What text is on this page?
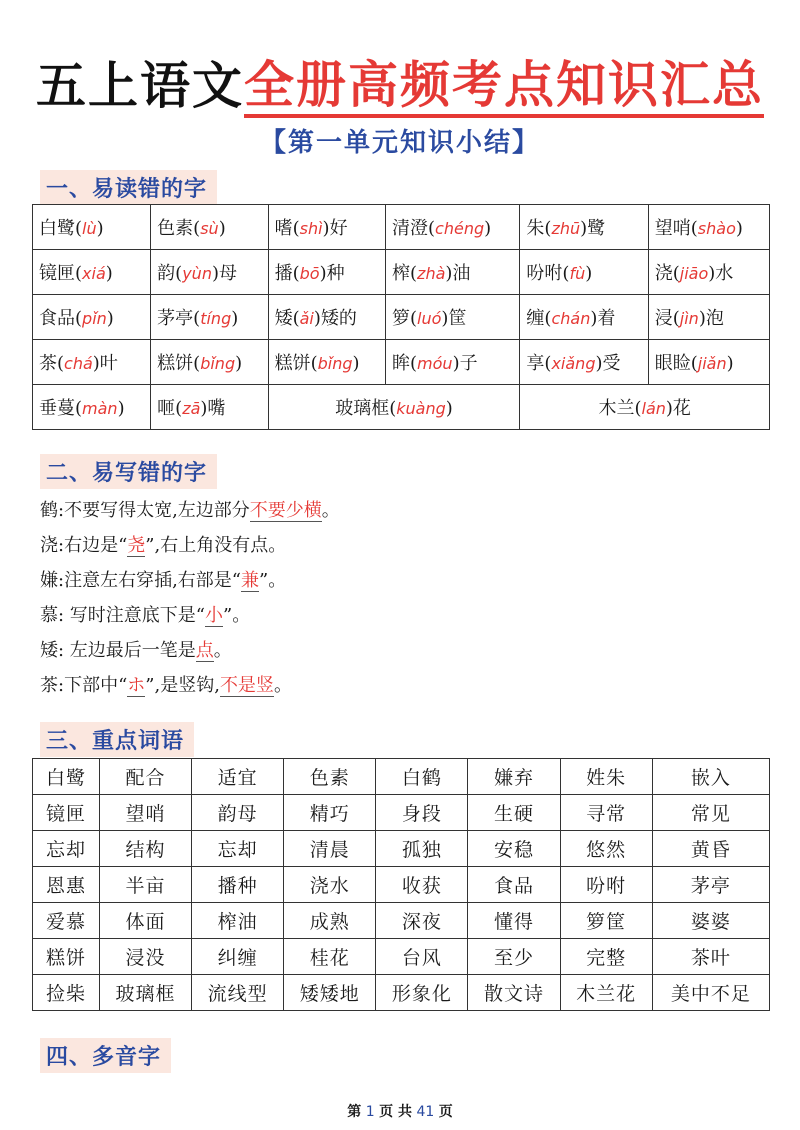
五上语文 全册高频考点知识汇总
【第一单元知识小结】
一、易读错的字
白鹭(lù)	色素(sù)	嗜(shì)好	清澄(chéng)	朱(zhū)鹭	望哨(shào)
镜匣(xiá)	韵(yùn)母	播(bō)种	榨(zhà)油	吩咐(fù)	浇(jiāo)水
食品(pǐn)	茅亭(tíng)	矮(ǎi)矮的	箩(luó)筐	缠(chán)着	浸(jìn)泡
茶(chá)叶	糕饼(bǐng)	糕饼(bǐng)	眸(móu)子	享(xiǎng)受	眼睑(jiǎn)
垂蔓(màn)	咂(zā)嘴	玻璃框(kuàng)		木兰(lán)花	
二、易写错的字
鹤:不要写得太宽,左边部分不要少横。
浇:右边是“尧”,右上角没有点。
嫌:注意左右穿插,右部是“兼”。
慕: 写时注意底下是“小”。
矮: 左边最后一笔是点。
茶:下部中“ホ”,是竖钩,不是竖。
三、重点词语
白鹭	配合	适宜	色素	白鹤	嫌弃	姓朱	嵌入
镜匣	望哨	韵母	精巧	身段	生硬	寻常	常见
忘却	结构	忘却	清晨	孤独	安稳	悠然	黄昏
恩惠	半亩	播种	浇水	收获	食品	吩咐	茅亭
爱慕	体面	榨油	成熟	深夜	懂得	箩筐	婆婆
糕饼	浸没	纠缠	桂花	台风	至少	完整	茶叶
捡柴	玻璃框	流线型	矮矮地	形象化	散文诗	木兰花	美中不足
四、多音字
第 1 页 共 41 页
